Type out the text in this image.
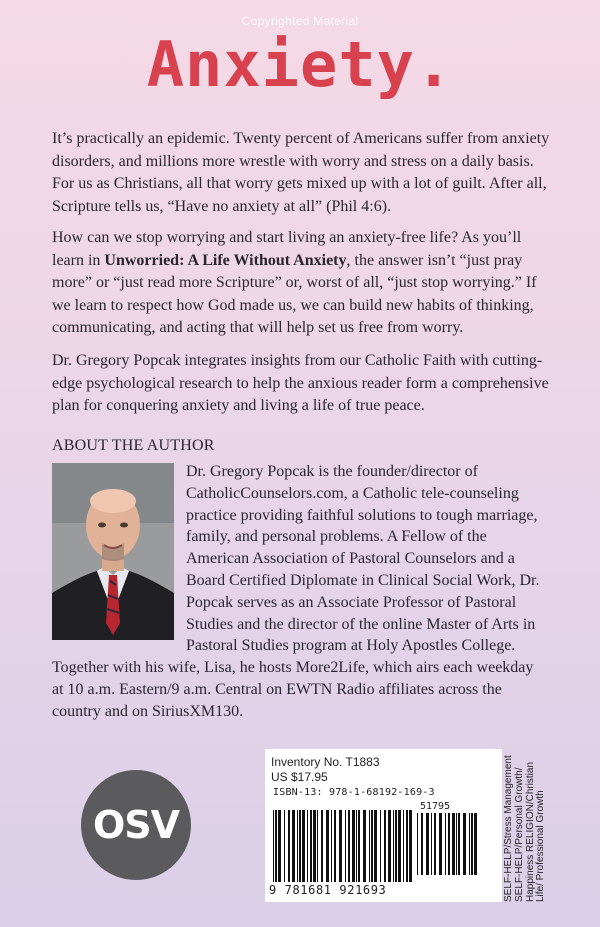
Copyrighted Material
Anxiety.

It’s practically an epidemic. Twenty percent of Americans suffer from anxiety disorders, and millions more wrestle with worry and stress on a daily basis. For us as Christians, all that worry gets mixed up with a lot of guilt. After all, Scripture tells us, “Have no anxiety at all” (Phil 4:6).

How can we stop worrying and start living an anxiety-free life? As you’ll learn in Unworried: A Life Without Anxiety, the answer isn’t “just pray more” or “just read more Scripture” or, worst of all, “just stop worrying.” If we learn to respect how God made us, we can build new habits of thinking, communicating, and acting that will help set us free from worry.

Dr. Gregory Popcak integrates insights from our Catholic Faith with cutting-edge psychological research to help the anxious reader form a comprehensive plan for conquering anxiety and living a life of true peace.

ABOUT THE AUTHOR

Dr. Gregory Popcak is the founder/director of CatholicCounselors.com, a Catholic tele-counseling practice providing faithful solutions to tough marriage, family, and personal problems. A Fellow of the American Association of Pastoral Counselors and a Board Certified Diplomate in Clinical Social Work, Dr. Popcak serves as an Associate Professor of Pastoral Studies and the director of the online Master of Arts in Pastoral Studies program at Holy Apostles College. Together with his wife, Lisa, he hosts More2Life, which airs each weekday at 10 a.m. Eastern/9 a.m. Central on EWTN Radio affiliates across the country and on SiriusXM130.

OSV
Inventory No. T1883
US $17.95
ISBN-13: 978-1-68192-169-3
51795
9 781681 921693	SELF-HELP/Stress Management SELF-HELP/Personal Growth/ Happiness RELIGION/Christian Life/ Professional Growth
